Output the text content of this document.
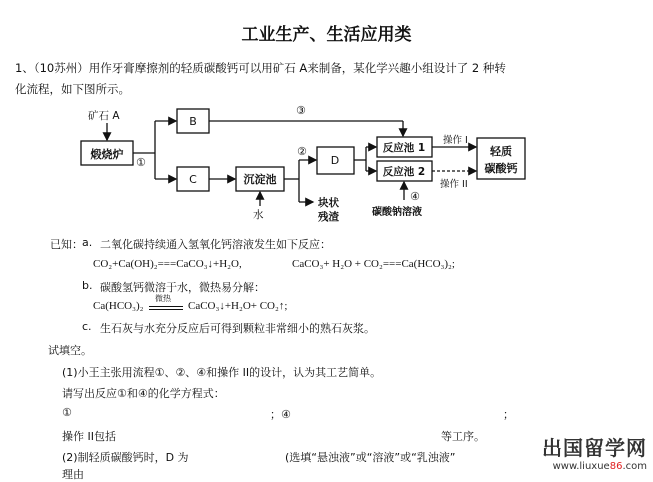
工业生产、生活应用类
1、（10苏州）用作牙膏摩擦剂的轻质碳酸钙可以用矿石 A来制备，某化学兴趣小组设计了 2 种转
化流程，如下图所示。
矿石 A
煅烧炉
B
C	沉淀池
D
反应池 1
反应池 2
轻质
碳酸钙
操作 I
操作 II
水
块状
残渣	碳酸钠溶液
①
②
③
④
已知： a. 二氧化碳持续通入氢氧化钙溶液发生如下反应：
CO₂+Ca(OH)₂===CaCO₃↓+H₂O,	CaCO₃+ H₂O + CO₂===Ca(HCO₃)₂;
b. 碳酸氢钙微溶于水，微热易分解：
Ca(HCO₃)₂
微热
CaCO₃↓+H₂O+ CO₂↑;
c. 生石灰与水充分反应后可得到颗粒非常细小的熟石灰浆。
试填空。
(1)小王主张用流程①、②、④和操作 II的设计，认为其工艺简单。
请写出反应①和④的化学方程式：
①	；④	；
操作 II包括	等工序。
(2)制轻质碳酸钙时，D 为	(选填“悬浊液”或“溶液”或“乳浊液”
理由
出国留学网
www.liuxue86.com
